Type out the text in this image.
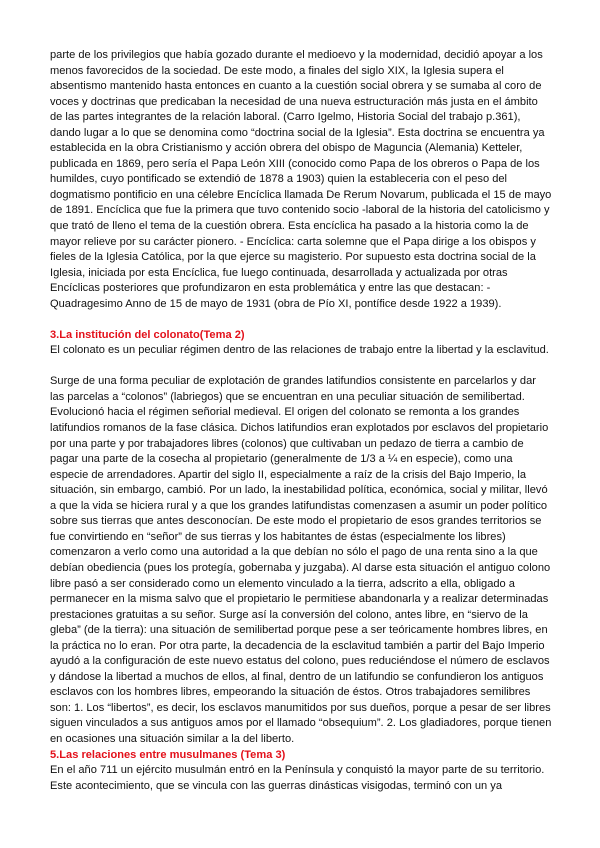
parte de los privilegios que había gozado durante el medioevo y la modernidad, decidió apoyar a los menos favorecidos de la sociedad. De este modo, a finales del siglo XIX, la Iglesia supera el absentismo mantenido hasta entonces en cuanto a la cuestión social obrera y se sumaba al coro de voces y doctrinas que predicaban la necesidad de una nueva estructuración más justa en el ámbito de las partes integrantes de la relación laboral. (Carro Igelmo, Historia Social del trabajo p.361), dando lugar a lo que se denomina como “doctrina social de la Iglesia”. Esta doctrina se encuentra ya establecida en la obra Cristianismo y acción obrera del obispo de Maguncia (Alemania) Ketteler, publicada en 1869, pero sería el Papa León XIII (conocido como Papa de los obreros o Papa de los humildes, cuyo pontificado se extendió de 1878 a 1903) quien la estableceria con el peso del dogmatismo pontificio en una célebre Encíclica llamada De Rerum Novarum, publicada el 15 de mayo de 1891. Encíclica que fue la primera que tuvo contenido socio -laboral de la historia del catolicismo y que trató de lleno el tema de la cuestión obrera. Esta encíclica ha pasado a la historia como la de mayor relieve por su carácter pionero. - Encíclica: carta solemne que el Papa dirige a los obispos y fieles de la Iglesia Católica, por la que ejerce su magisterio. Por supuesto esta doctrina social de la Iglesia, iniciada por esta Encíclica, fue luego continuada, desarrollada y actualizada por otras Encíclicas posteriores que profundizaron en esta problemática y entre las que destacan: - Quadragesimo Anno de 15 de mayo de 1931 (obra de Pío XI, pontífice desde 1922 a 1939).

3.La institución del colonato(Tema 2)

El colonato es un peculiar régimen dentro de las relaciones de trabajo entre la libertad y la esclavitud.

Surge de una forma peculiar de explotación de grandes latifundios consistente en parcelarlos y dar las parcelas a “colonos” (labriegos) que se encuentran en una peculiar situación de semilibertad. Evolucionó hacia el régimen señorial medieval. El origen del colonato se remonta a los grandes latifundios romanos de la fase clásica. Dichos latifundios eran explotados por esclavos del propietario por una parte y por trabajadores libres (colonos) que cultivaban un pedazo de tierra a cambio de pagar una parte de la cosecha al propietario (generalmente de 1/3 a ¼ en especie), como una especie de arrendadores. Apartir del siglo II, especialmente a raíz de la crisis del Bajo Imperio, la situación, sin embargo, cambió. Por un lado, la inestabilidad política, económica, social y militar, llevó a que la vida se hiciera rural y a que los grandes latifundistas comenzasen a asumir un poder político sobre sus tierras que antes desconocían. De este modo el propietario de esos grandes territorios se fue convirtiendo en “señor” de sus tierras y los habitantes de éstas (especialmente los libres) comenzaron a verlo como una autoridad a la que debían no sólo el pago de una renta sino a la que debían obediencia (pues los protegía, gobernaba y juzgaba). Al darse esta situación el antiguo colono libre pasó a ser considerado como un elemento vinculado a la tierra, adscrito a ella, obligado a permanecer en la misma salvo que el propietario le permitiese abandonarla y a realizar determinadas prestaciones gratuitas a su señor. Surge así la conversión del colono, antes libre, en “siervo de la gleba” (de la tierra): una situación de semilibertad porque pese a ser teóricamente hombres libres, en la práctica no lo eran. Por otra parte, la decadencia de la esclavitud también a partir del Bajo Imperio ayudó a la configuración de este nuevo estatus del colono, pues reduciéndose el número de esclavos y dándose la libertad a muchos de ellos, al final, dentro de un latifundio se confundieron los antiguos esclavos con los hombres libres, empeorando la situación de éstos. Otros trabajadores semilibres son: 1. Los “libertos”, es decir, los esclavos manumitidos por sus dueños, porque a pesar de ser libres siguen vinculados a sus antiguos amos por el llamado “obsequium”. 2. Los gladiadores, porque tienen en ocasiones una situación similar a la del liberto.

5.Las relaciones entre musulmanes (Tema 3)

En el año 711 un ejército musulmán entró en la Península y conquistó la mayor parte de su territorio. Este acontecimiento, que se vincula con las guerras dinásticas visigodas, terminó con un ya
